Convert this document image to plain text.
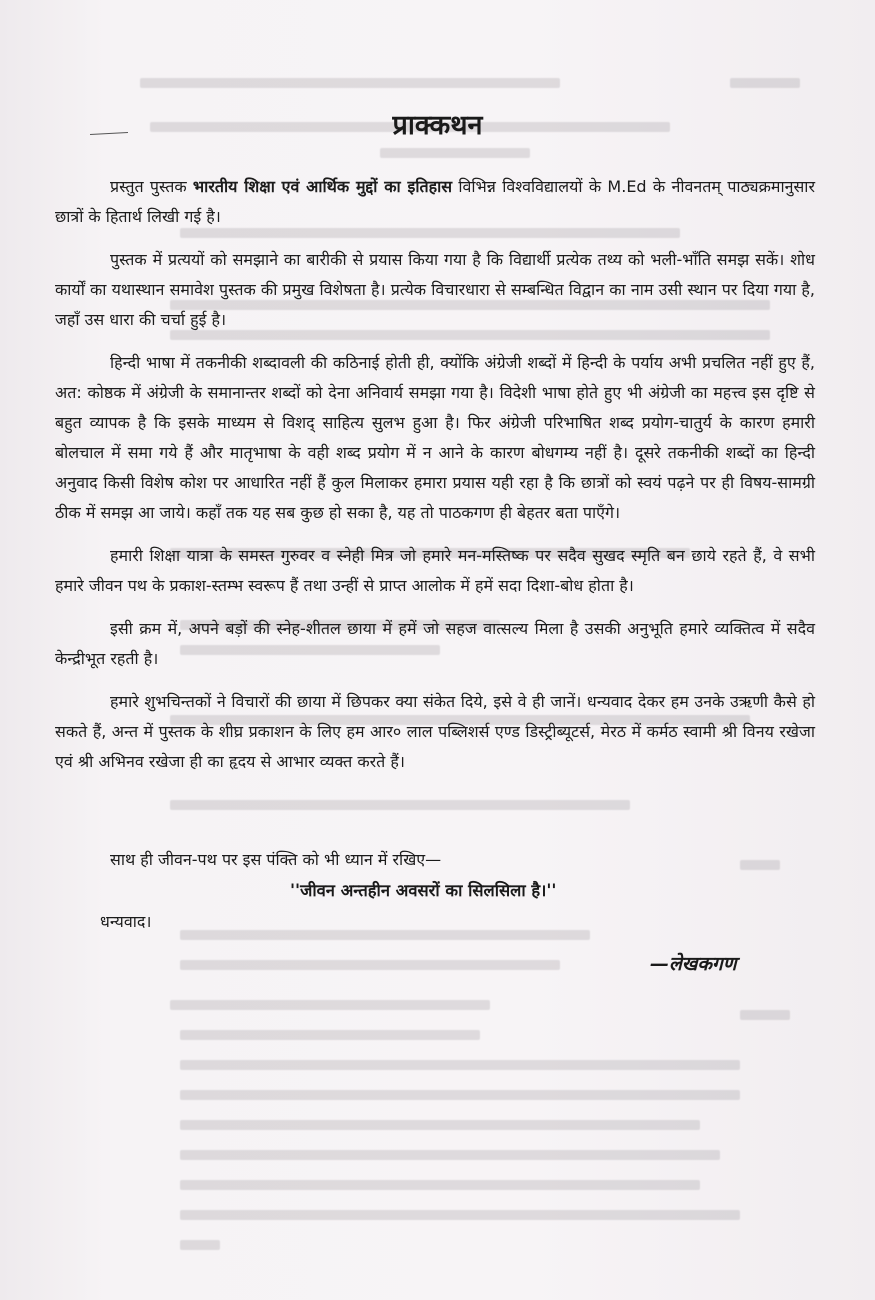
प्राक्कथन

प्रस्तुत पुस्तक भारतीय शिक्षा एवं आर्थिक मुद्दों का इतिहास विभिन्न विश्वविद्यालयों के M.Ed के नीवनतम् पाठ्यक्रमानुसार छात्रों के हितार्थ लिखी गई है।

पुस्तक में प्रत्ययों को समझाने का बारीकी से प्रयास किया गया है कि विद्यार्थी प्रत्येक तथ्य को भली-भाँति समझ सकें। शोध कार्यों का यथास्थान समावेश पुस्तक की प्रमुख विशेषता है। प्रत्येक विचारधारा से सम्बन्धित विद्वान का नाम उसी स्थान पर दिया गया है, जहाँ उस धारा की चर्चा हुई है।

हिन्दी भाषा में तकनीकी शब्दावली की कठिनाई होती ही, क्योंकि अंग्रेजी शब्दों में हिन्दी के पर्याय अभी प्रचलित नहीं हुए हैं, अत: कोष्ठक में अंग्रेजी के समानान्तर शब्दों को देना अनिवार्य समझा गया है। विदेशी भाषा होते हुए भी अंग्रेजी का महत्त्व इस दृष्टि से बहुत व्यापक है कि इसके माध्यम से विशद् साहित्य सुलभ हुआ है। फिर अंग्रेजी परिभाषित शब्द प्रयोग-चातुर्य के कारण हमारी बोलचाल में समा गये हैं और मातृभाषा के वही शब्द प्रयोग में न आने के कारण बोधगम्य नहीं है। दूसरे तकनीकी शब्दों का हिन्दी अनुवाद किसी विशेष कोश पर आधारित नहीं हैं कुल मिलाकर हमारा प्रयास यही रहा है कि छात्रों को स्वयं पढ़ने पर ही विषय-सामग्री ठीक में समझ आ जाये। कहाँ तक यह सब कुछ हो सका है, यह तो पाठकगण ही बेहतर बता पाएँगे।

हमारी शिक्षा यात्रा के समस्त गुरुवर व स्नेही मित्र जो हमारे मन-मस्तिष्क पर सदैव सुखद स्मृति बन छाये रहते हैं, वे सभी हमारे जीवन पथ के प्रकाश-स्तम्भ स्वरूप हैं तथा उन्हीं से प्राप्त आलोक में हमें सदा दिशा-बोध होता है।

इसी क्रम में, अपने बड़ों की स्नेह-शीतल छाया में हमें जो सहज वात्सल्य मिला है उसकी अनुभूति हमारे व्यक्तित्व में सदैव केन्द्रीभूत रहती है।

हमारे शुभचिन्तकों ने विचारों की छाया में छिपकर क्या संकेत दिये, इसे वे ही जानें। धन्यवाद देकर हम उनके उऋणी कैसे हो सकते हैं, अन्त में पुस्तक के शीघ्र प्रकाशन के लिए हम आर० लाल पब्लिशर्स एण्ड डिस्ट्रीब्यूटर्स, मेरठ में कर्मठ स्वामी श्री विनय रखेजा एवं श्री अभिनव रखेजा ही का हृदय से आभार व्यक्त करते हैं।

साथ ही जीवन-पथ पर इस पंक्ति को भी ध्यान में रखिए—
''जीवन अन्तहीन अवसरों का सिलसिला है।''
धन्यवाद।
—लेखकगण
